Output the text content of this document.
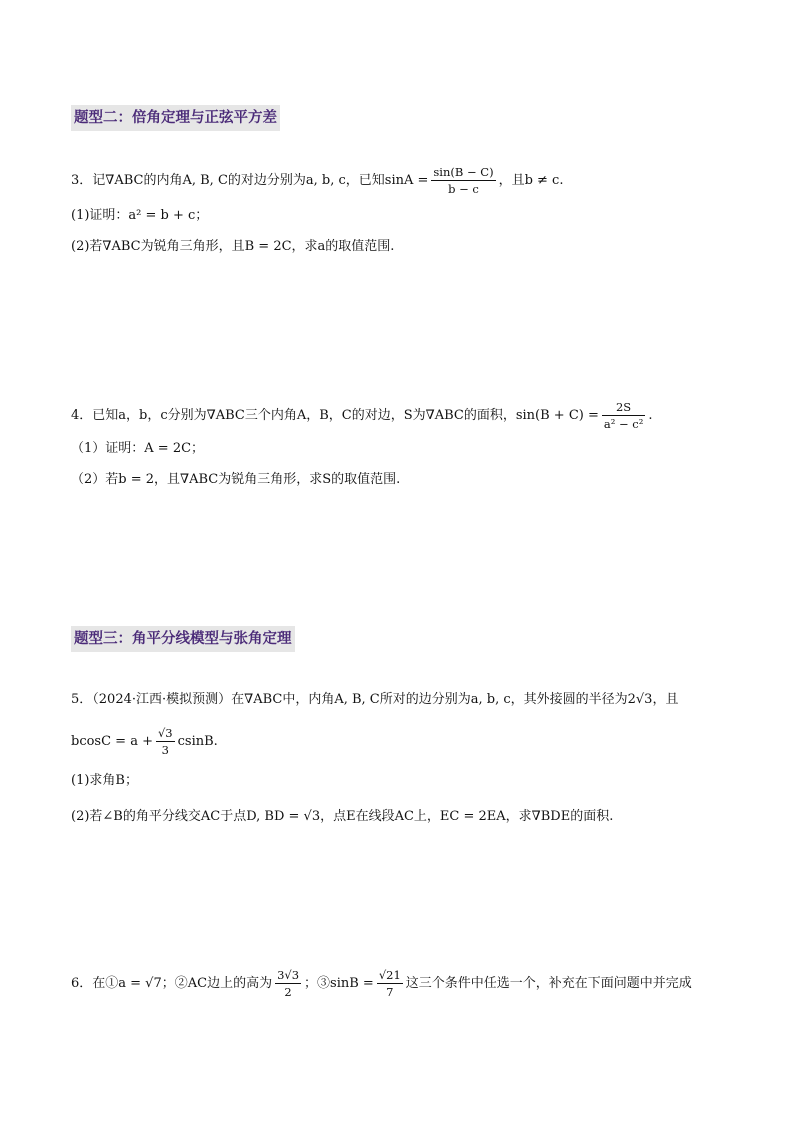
题型二：倍角定理与正弦平方差
3．记∇ABC的内角A, B, C的对边分别为a, b, c，已知$\sin A = \frac{\sin(B - C)}{b - c}$ ，且b ≠ c.
(1)证明：a² = b + c；
(2)若∇ABC为锐角三角形，且B = 2C，求a的取值范围.
4．已知a，b，c分别为∇ABC三个内角A，B，C的对边，S为∇ABC的面积，$\sin(B + C) = \frac{2S}{\text{a² − c²}}$ .
（1）证明：A = 2C；
（2）若b = 2，且∇ABC为锐角三角形，求S的取值范围.
题型三：角平分线模型与张角定理
5．（2024·江西·模拟预测）在∇ABC中，内角A, B, C所对的边分别为a, b, c，其外接圆的半径为2√3，且
$bcosC = a + \frac{√3}{3} csinB$.
(1)求角B；
(2)若∠B的角平分线交AC于点D, BD = √3，点E在线段AC上，EC = 2EA，求∇BDE的面积.
6．在①a = √7；②AC边上的高为 $\frac{3√3}{2}$ ；③sinB = $\frac{√21}{7}$ 这三个条件中任选一个，补充在下面问题中并完成
